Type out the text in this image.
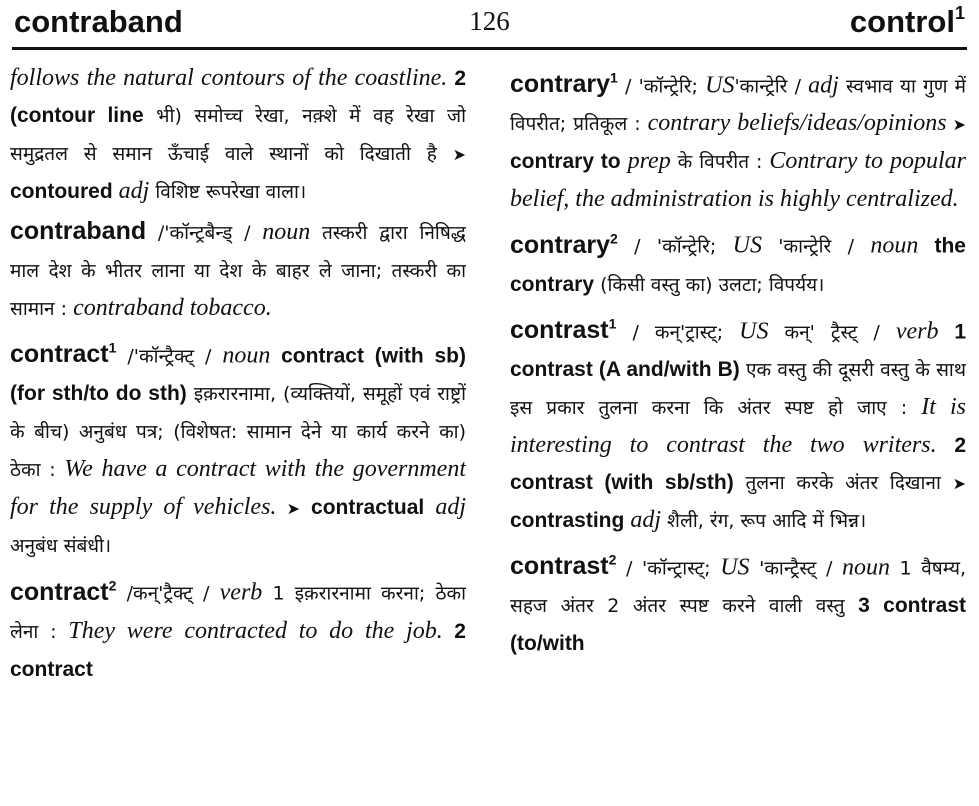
contraband	126	control$^1$
follows the natural contours of the coastline. 2 (contour line भी) समोच्च रेखा, नक़्शे में वह रेखा जो समुद्रतल से समान ऊँचाई वाले स्थानों को दिखाती है ➤ contoured adj विशिष्ट रूपरेखा वाला।
contraband /'कॉन्ट्रबैन्ड् / noun तस्करी द्वारा निषिद्ध माल देश के भीतर लाना या देश के बाहर ले जाना; तस्करी का सामान : contraband tobacco.
contract$^1$ /'कॉन्ट्रैक्ट् / noun contract (with sb) (for sth/to do sth) इक़रारनामा, (व्यक्तियों, समूहों एवं राष्ट्रों के बीच) अनुबंध पत्र; (विशेषत: सामान देने या कार्य करने का) ठेका : We have a contract with the government for the supply of vehicles. ➤ contractual adj अनुबंध संबंधी।
contract$^2$ /कन्'ट्रैक्ट् / verb 1 इक़रारनामा करना; ठेका लेना : They were contracted to do the job. 2 contract
contrary$^1$ / 'कॉन्ट्रेरि; US'कान्ट्रेरि / adj स्वभाव या गुण में विपरीत; प्रतिकूल : contrary beliefs/ideas/opinions ➤ contrary to prep के विपरीत : Contrary to popular belief, the administration is highly centralized.
contrary$^2$ / 'कॉन्ट्रेरि; US 'कान्ट्रेरि / noun the contrary (किसी वस्तु का) उलटा; विपर्यय।
contrast$^1$ / कन्'ट्रास्ट्; US कन्' ट्रैस्ट् / verb 1 contrast (A and/with B) एक वस्तु की दूसरी वस्तु के साथ इस प्रकार तुलना करना कि अंतर स्पष्ट हो जाए : It is interesting to contrast the two writers. 2 contrast (with sb/sth) तुलना करके अंतर दिखाना ➤ contrasting adj शैली, रंग, रूप आदि में भिन्न।
contrast$^2$ / 'कॉन्ट्रास्ट्; US 'कान्ट्रैस्ट् / noun 1 वैषम्य, सहज अंतर 2 अंतर स्पष्ट करने वाली वस्तु 3 contrast (to/with
